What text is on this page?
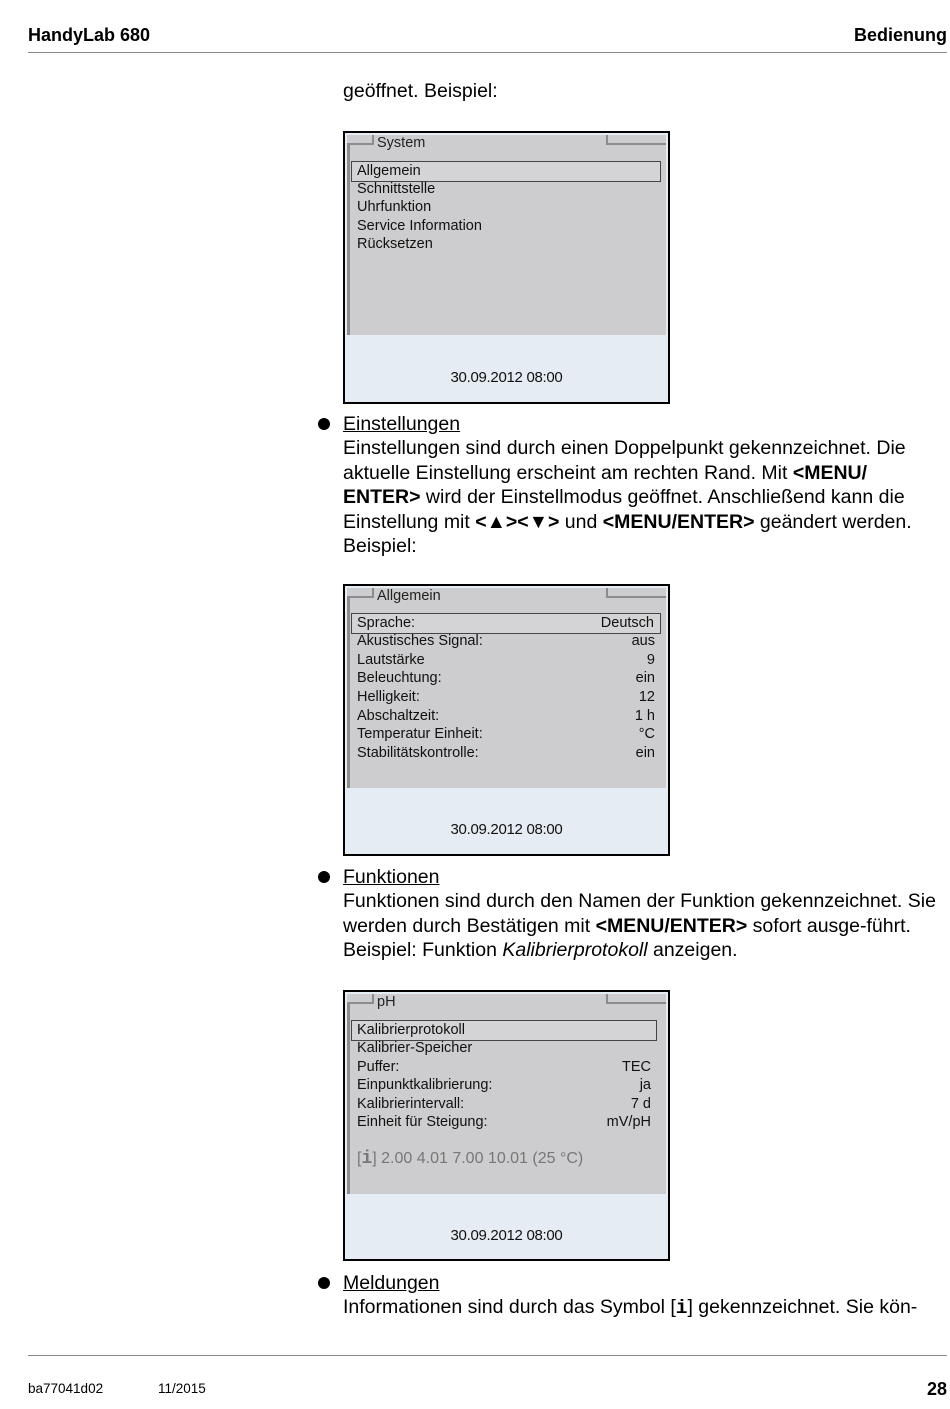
HandyLab 680	Bedienung
geöffnet. Beispiel:
System
Allgemein
Schnittstelle
Uhrfunktion
Service Information
Rücksetzen
30.09.2012 08:00
Einstellungen
Einstellungen sind durch einen Doppelpunkt gekennzeichnet. Die aktuelle Einstellung erscheint am rechten Rand. Mit <MENU/ ENTER> wird der Einstellmodus geöffnet. Anschließend kann die Einstellung mit <▲><▼> und <MENU/ENTER> geändert werden. Beispiel:
Allgemein
Sprache:	Deutsch
Akustisches Signal:	aus
Lautstärke	9
Beleuchtung:	ein
Helligkeit:	12
Abschaltzeit:	1 h
Temperatur Einheit:	°C
Stabilitätskontrolle:	ein
30.09.2012 08:00
Funktionen
Funktionen sind durch den Namen der Funktion gekennzeichnet. Sie werden durch Bestätigen mit <MENU/ENTER> sofort ausge-führt. Beispiel: Funktion Kalibrierprotokoll anzeigen.
pH
Kalibrierprotokoll
Kalibrier-Speicher
Puffer:	TEC
Einpunktkalibrierung:	ja
Kalibrierintervall:	7 d
Einheit für Steigung:	mV/pH
[i] 2.00 4.01 7.00 10.01 (25 °C)
30.09.2012 08:00
Meldungen
Informationen sind durch das Symbol [i] gekennzeichnet. Sie kön-
ba77041d02	11/2015	28
